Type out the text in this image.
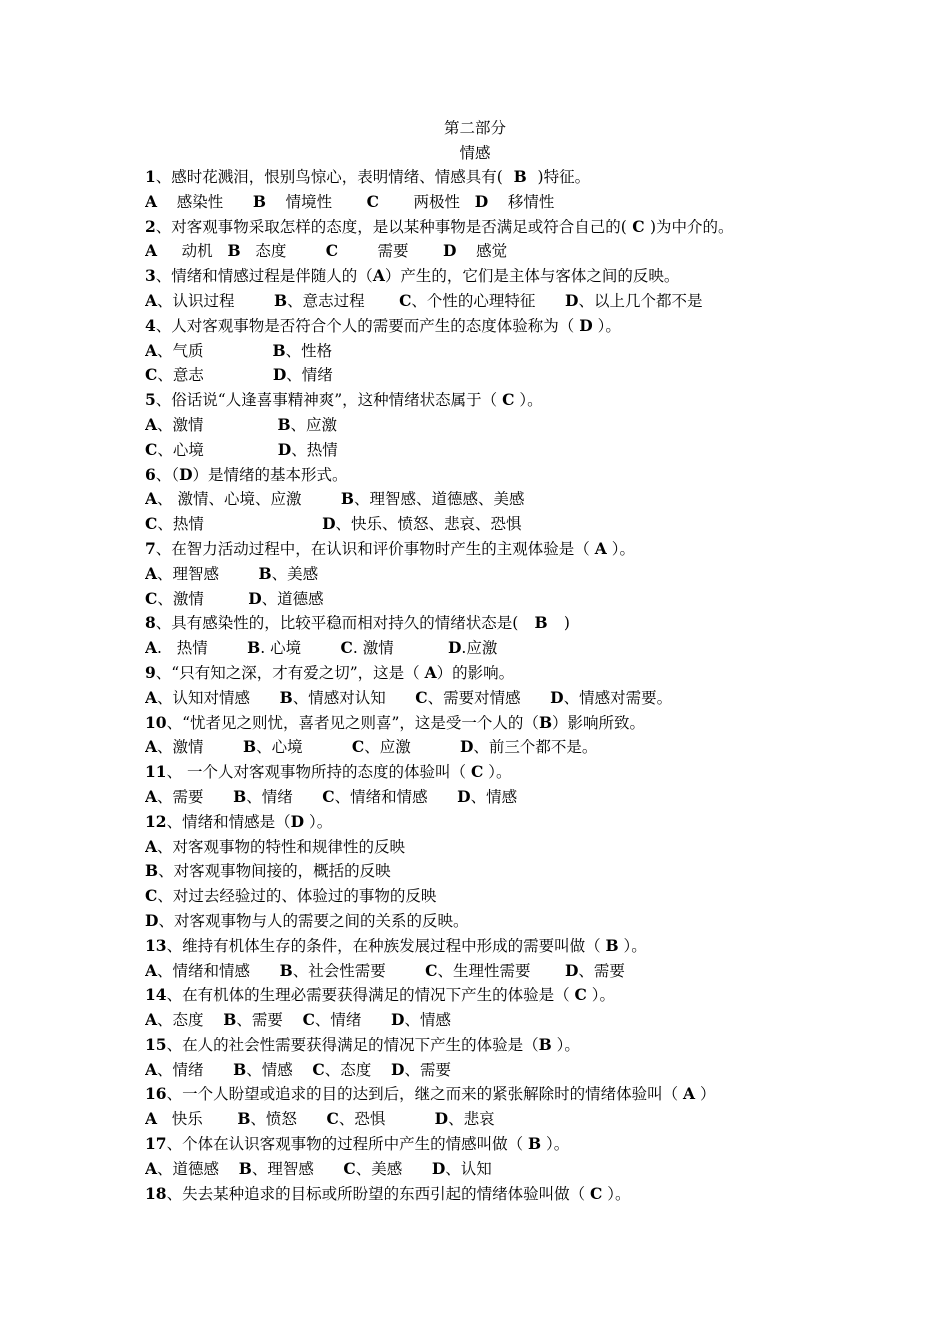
第二部分
情感
1、感时花溅泪，恨别鸟惊心，表明情绪、情感具有(  B  )特征。
A    感染性      B    情境性       C       两极性   D    移情性
2、对客观事物采取怎样的态度，是以某种事物是否满足或符合自己的( C )为中介的。
A     动机   B   态度        C        需要       D    感觉
3、情绪和情感过程是伴随人的（A）产生的，它们是主体与客体之间的反映。
A、认识过程        B、意志过程       C、个性的心理特征      D、以上几个都不是
4、人对客观事物是否符合个人的需要而产生的态度体验称为（ D ）。
A、气质              B、性格
C、意志              D、情绪
5、俗话说“人逢喜事精神爽”，这种情绪状态属于（ C ）。
A、激情               B、应激
C、心境               D、热情
6、（D）是情绪的基本形式。
A、 激情、心境、应激        B、理智感、道德感、美感
C、热情                        D、快乐、愤怒、悲哀、恐惧
7、在智力活动过程中，在认识和评价事物时产生的主观体验是（ A ）。
A、理智感        B、美感
C、激情         D、道德感
8、具有感染性的，比较平稳而相对持久的情绪状态是(   B   )
A.   热情        B. 心境        C. 激情           D.应激
9、“只有知之深，才有爱之切”，这是（ A）的影响。
A、认知对情感      B、情感对认知      C、需要对情感      D、情感对需要。
10、“忧者见之则忧，喜者见之则喜”，这是受一个人的（B）影响所致。
A、激情        B、心境          C、应激          D、前三个都不是。
11、 一个人对客观事物所持的态度的体验叫（ C ）。
A、需要      B、情绪      C、情绪和情感      D、情感
12、情绪和情感是（D ）。
A、对客观事物的特性和规律性的反映
B、对客观事物间接的，概括的反映
C、对过去经验过的、体验过的事物的反映
D、对客观事物与人的需要之间的关系的反映。
13、维持有机体生存的条件，在种族发展过程中形成的需要叫做（ B ）。
A、情绪和情感      B、社会性需要        C、生理性需要       D、需要
14、在有机体的生理必需要获得满足的情况下产生的体验是（ C ）。
A、态度    B、需要    C、情绪      D、情感
15、在人的社会性需要获得满足的情况下产生的体验是（B ）。
A、情绪      B、情感    C、态度    D、需要
16、一个人盼望或追求的目的达到后，继之而来的紧张解除时的情绪体验叫（ A ）
A   快乐       B、愤怒      C、恐惧          D、悲哀
17、个体在认识客观事物的过程所中产生的情感叫做（ B ）。
A、道德感    B、理智感      C、美感      D、认知
18、失去某种追求的目标或所盼望的东西引起的情绪体验叫做（ C ）。
